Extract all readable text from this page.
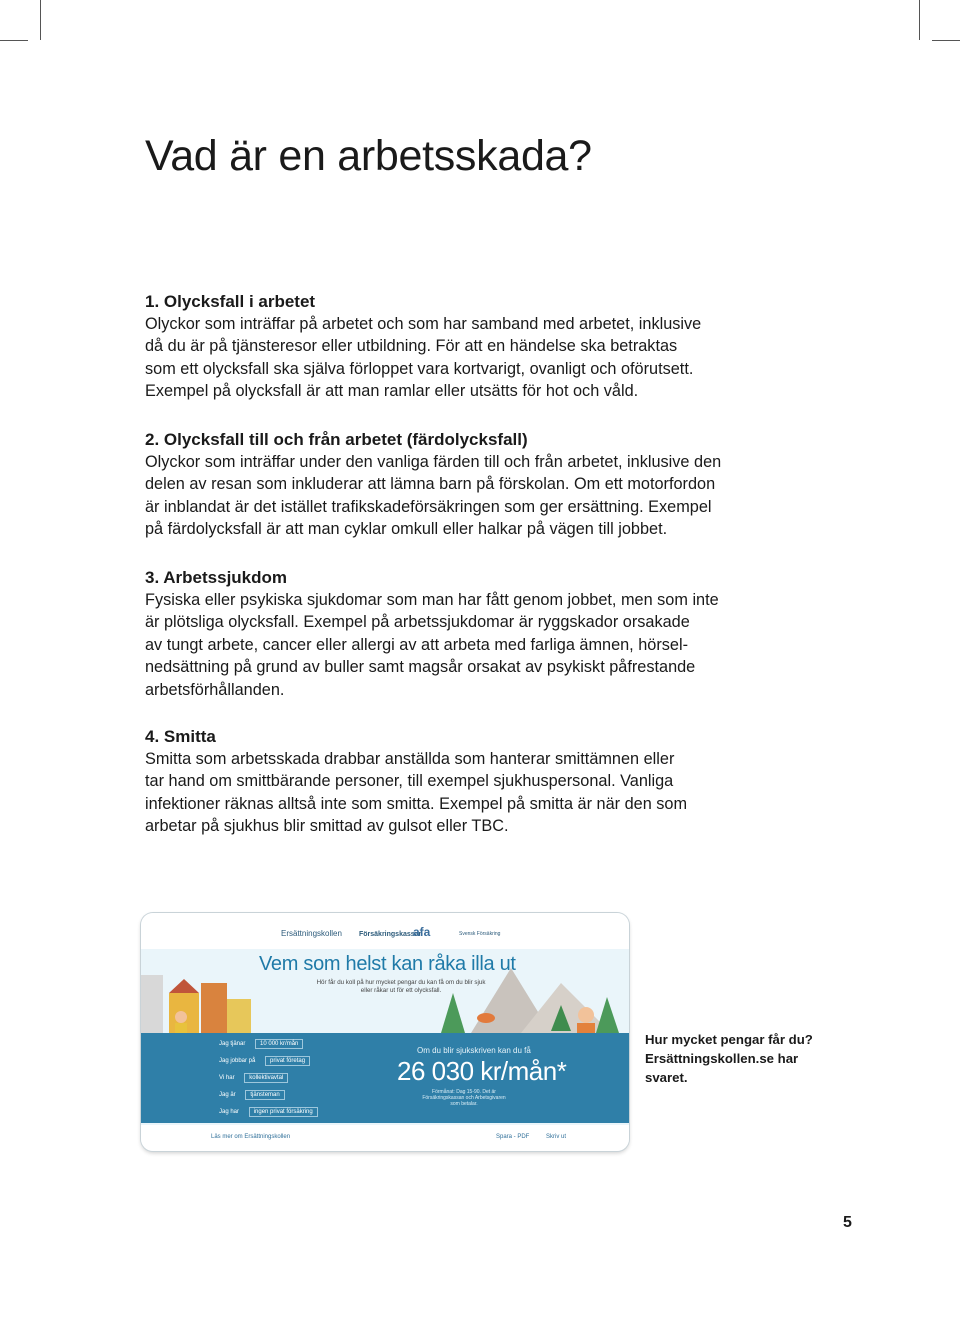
Vad är en arbetsskada?
1. Olycksfall i arbetet

Olyckor som inträffar på arbetet och som har samband med arbetet, inklusive

då du är på tjänsteresor eller utbildning. För att en händelse ska betraktas

som ett olycksfall ska själva förloppet vara kortvarigt, ovanligt och oförutsett.

Exempel på olycksfall är att man ramlar eller utsätts för hot och våld.

2. Olycksfall till och från arbetet (färdolycksfall)

Olyckor som inträffar under den vanliga färden till och från arbetet, inklusive den

delen av resan som inkluderar att lämna barn på förskolan. Om ett motorfordon

är inblandat är det istället trafikskadeförsäkringen som ger ersättning. Exempel

på färdolycksfall är att man cyklar omkull eller halkar på vägen till jobbet.

3. Arbetssjukdom

Fysiska eller psykiska sjukdomar som man har fått genom jobbet, men som inte

är plötsliga olycksfall. Exempel på arbetssjukdomar är ryggskador orsakade

av tungt arbete, cancer eller allergi av att arbeta med farliga ämnen, hörsel-

nedsättning på grund av buller samt magsår orsakat av psykiskt påfrestande

arbetsförhållanden.

4. Smitta

Smitta som arbetsskada drabbar anställda som hanterar smittämnen eller

tar hand om smittbärande personer, till exempel sjukhuspersonal. Vanliga

infektioner räknas alltså inte som smitta. Exempel på smitta är när den som

arbetar på sjukhus blir smittad av gulsot eller TBC.

Ersättningskollen Försäkringskassan
afa	Svensk Försäkring
Vem som helst kan råka illa ut
Hör får du koll på hur mycket pengar du kan få om du blir sjuk
eller råkar ut för ett olycksfall.
Jag tjänar 10 000 kr/mån
Jag jobbar på privat företag
Vi har kollektivavtal
Jag är tjänsteman
Jag har ingen privat försäkring
Om du blir sjukskriven kan du få
26 030 kr/mån*
Förmånat: Dag 15-90. Det är Försäkringskassan och Arbetsgivaren som betalar.
Läs mer om Ersättningskollen	Spara - PDF	Skriv ut
Hur mycket pengar får du?
Ersättningskollen.se har
svaret.
5
